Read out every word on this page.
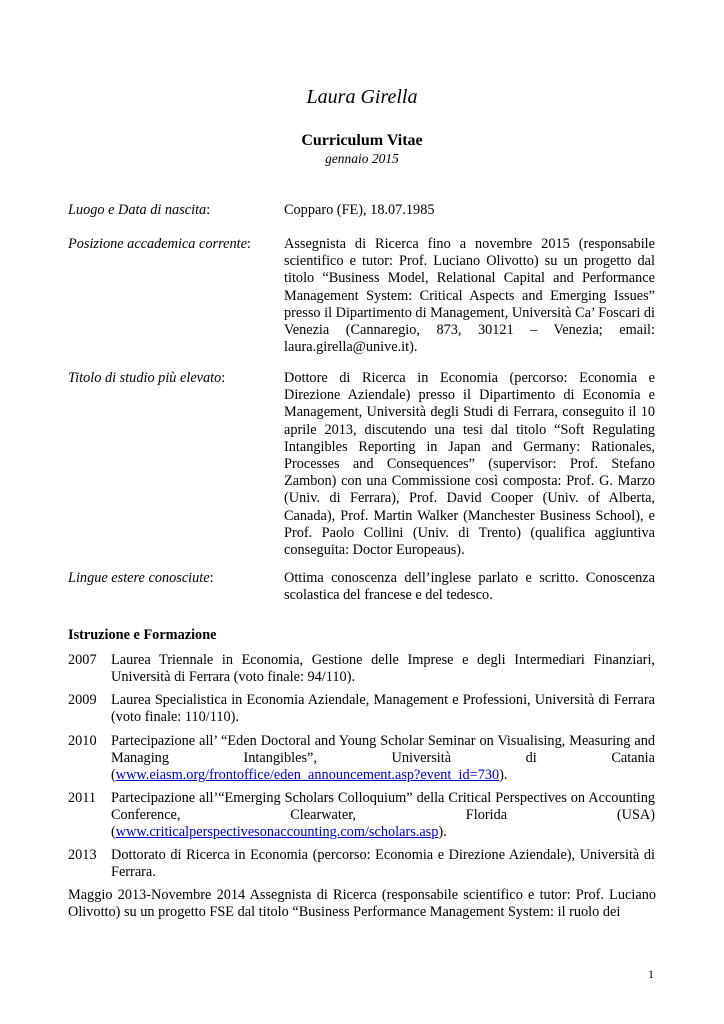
Laura Girella
Curriculum Vitae
gennaio 2015
Luogo e Data di nascita:	Copparo (FE), 18.07.1985
Posizione accademica corrente:	Assegnista di Ricerca fino a novembre 2015 (responsabile scientifico e tutor: Prof. Luciano Olivotto) su un progetto dal titolo “Business Model, Relational Capital and Performance Management System: Critical Aspects and Emerging Issues” presso il Dipartimento di Management, Università Ca’ Foscari di Venezia (Cannaregio, 873, 30121 – Venezia; email: laura.girella@unive.it).
Titolo di studio più elevato:	Dottore di Ricerca in Economia (percorso: Economia e Direzione Aziendale) presso il Dipartimento di Economia e Management, Università degli Studi di Ferrara, conseguito il 10 aprile 2013, discutendo una tesi dal titolo “Soft Regulating Intangibles Reporting in Japan and Germany: Rationales, Processes and Consequences” (supervisor: Prof. Stefano Zambon) con una Commissione così composta: Prof. G. Marzo (Univ. di Ferrara), Prof. David Cooper (Univ. of Alberta, Canada), Prof. Martin Walker (Manchester Business School), e Prof. Paolo Collini (Univ. di Trento) (qualifica aggiuntiva conseguita: Doctor Europeaus).
Lingue estere conosciute:	Ottima conoscenza dell’inglese parlato e scritto. Conoscenza scolastica del francese e del tedesco.
Istruzione e Formazione
2007 Laurea Triennale in Economia, Gestione delle Imprese e degli Intermediari Finanziari, Università di Ferrara (voto finale: 94/110).
2009 Laurea Specialistica in Economia Aziendale, Management e Professioni, Università di Ferrara (voto finale: 110/110).
2010 Partecipazione all’ “Eden Doctoral and Young Scholar Seminar on Visualising, Measuring and Managing Intangibles”, Università di Catania (www.eiasm.org/frontoffice/eden_announcement.asp?event_id=730).
2011 Partecipazione all’“Emerging Scholars Colloquium” della Critical Perspectives on Accounting Conference, Clearwater, Florida (USA) (www.criticalperspectivesonaccounting.com/scholars.asp).
2013 Dottorato di Ricerca in Economia (percorso: Economia e Direzione Aziendale), Università di Ferrara.
Maggio 2013-Novembre 2014 Assegnista di Ricerca (responsabile scientifico e tutor: Prof. Luciano Olivotto) su un progetto FSE dal titolo “Business Performance Management System: il ruolo dei
1
